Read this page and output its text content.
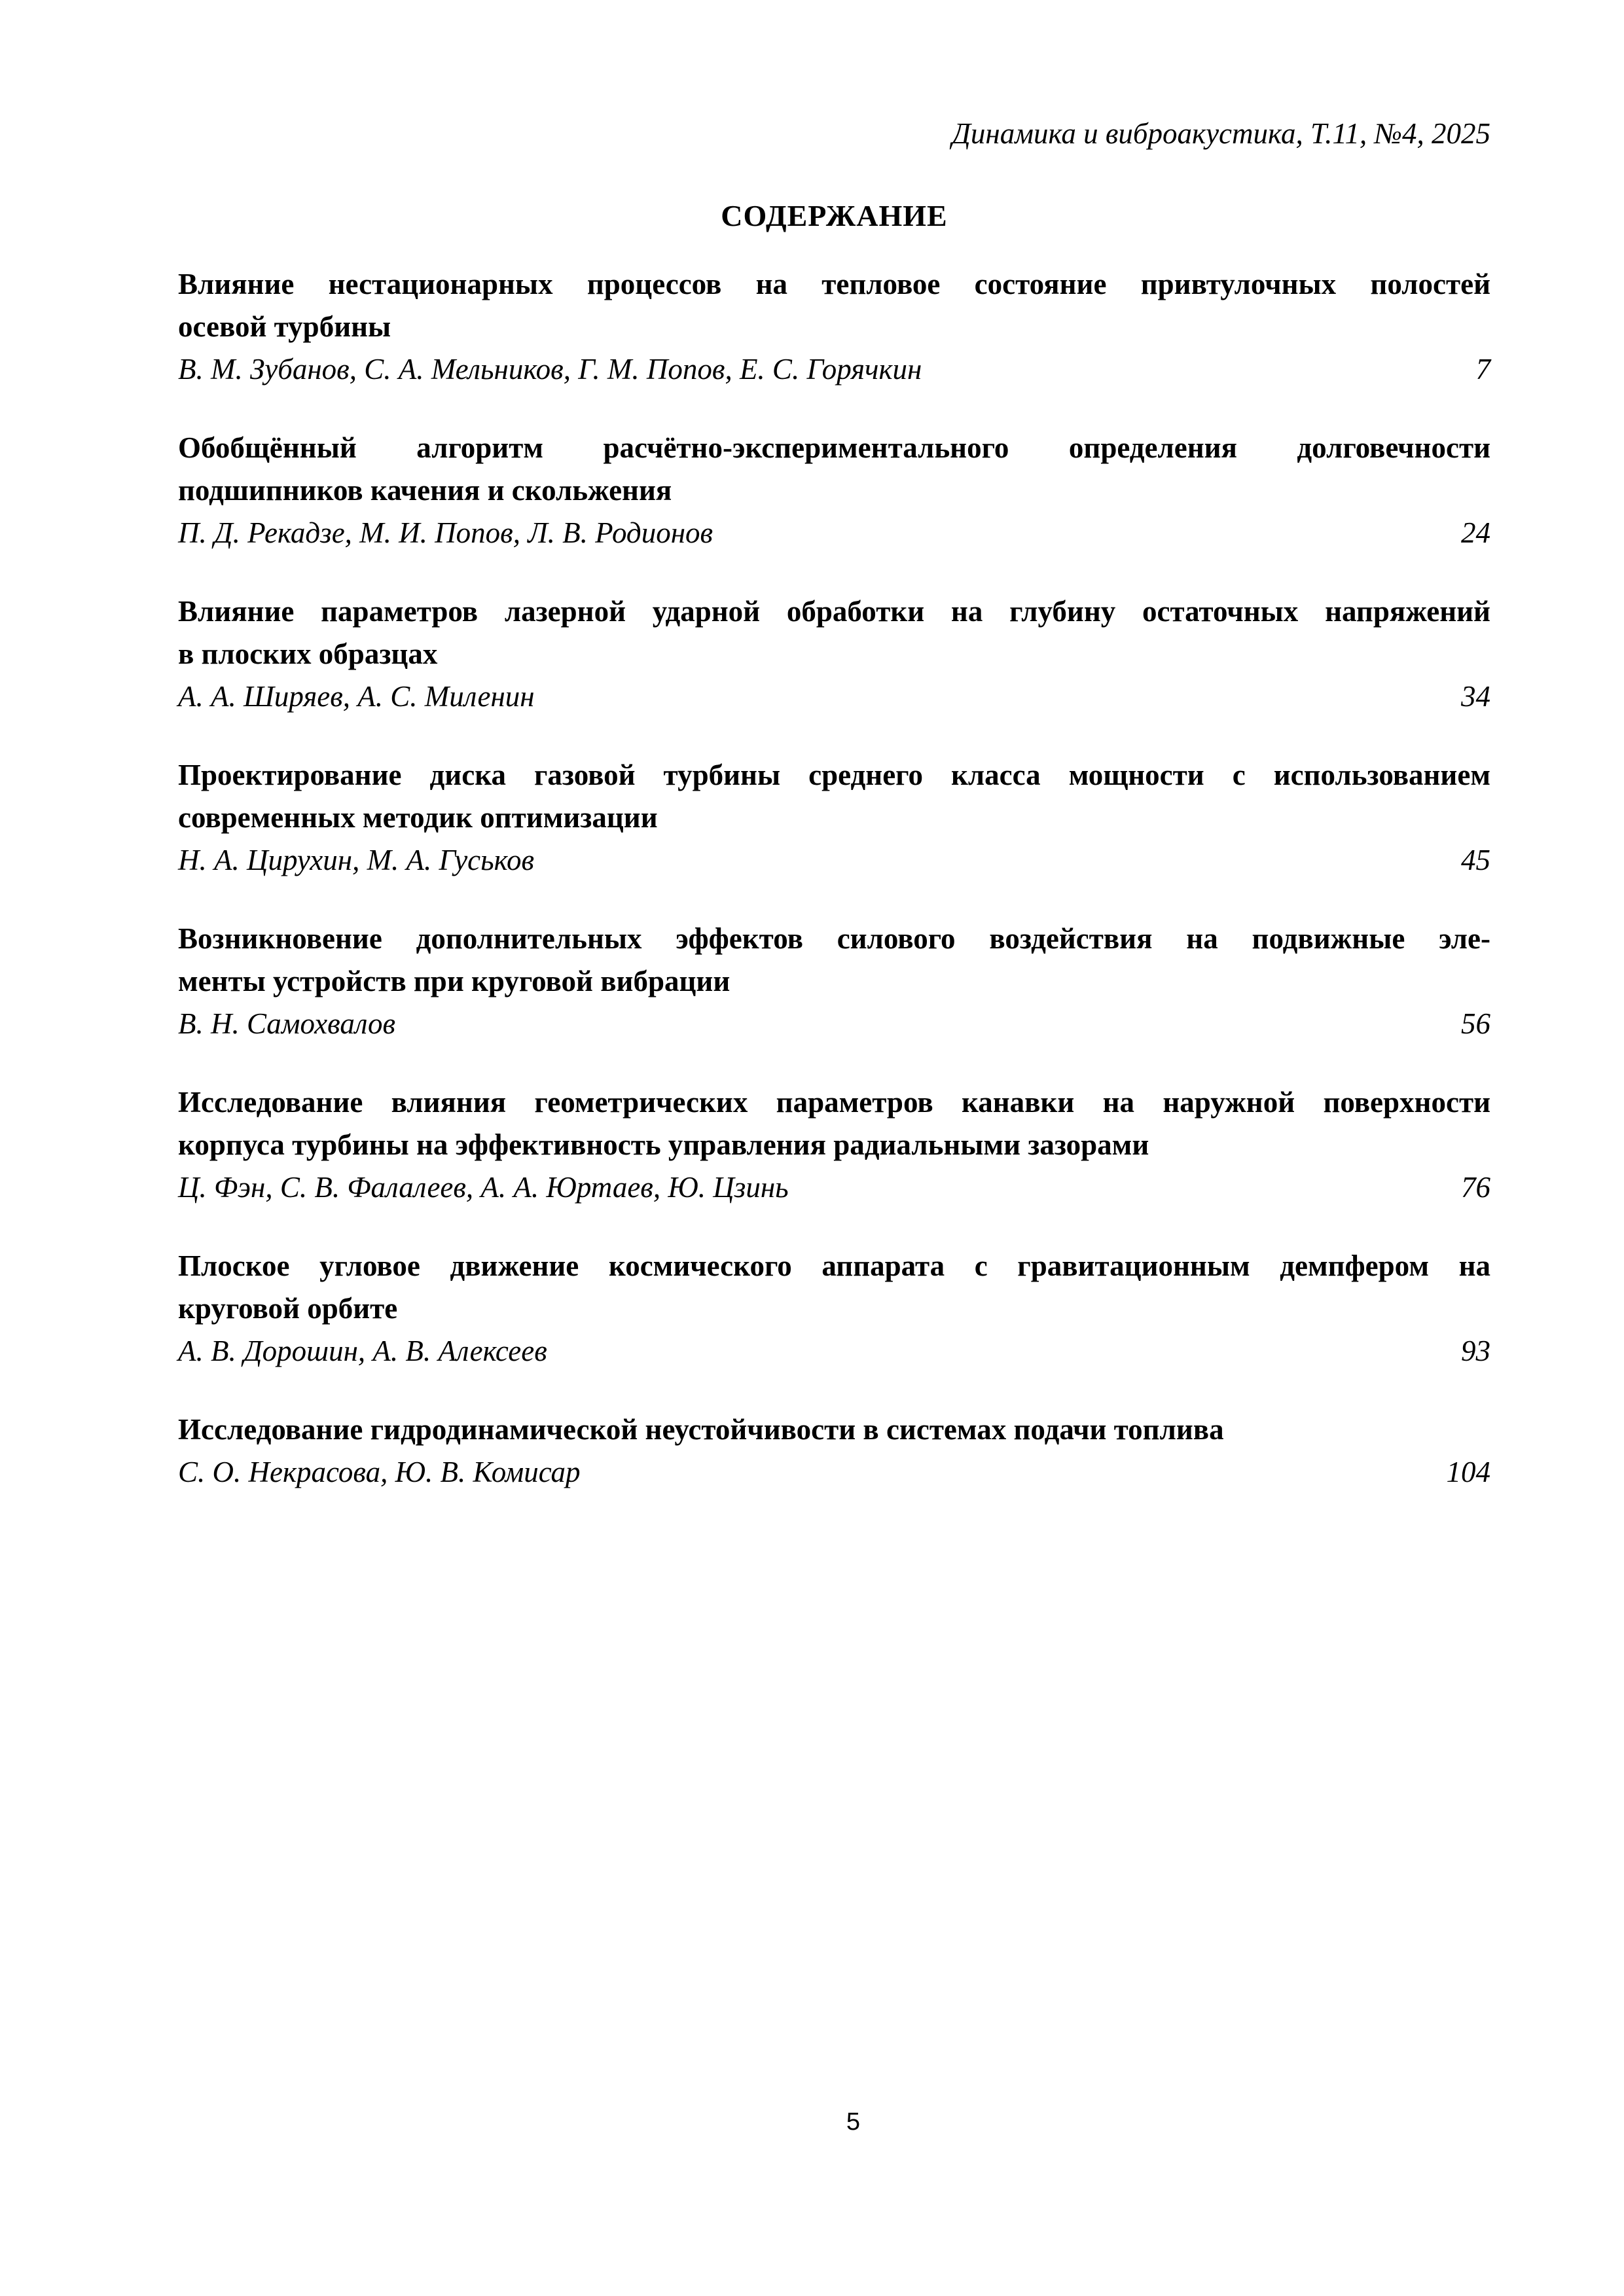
Динамика и виброакустика, Т.11, №4, 2025
СОДЕРЖАНИЕ
Влияние нестационарных процессов на тепловое состояние привтулочных полостей
осевой турбины
В. М. Зубанов, С. А. Мельников, Г. М. Попов, Е. С. Горячкин	7
Обобщённый алгоритм расчётно-экспериментального определения долговечности
подшипников качения и скольжения
П. Д. Рекадзе, М. И. Попов, Л. В. Родионов	24
Влияние параметров лазерной ударной обработки на глубину остаточных напряжений
в плоских образцах
А. А. Ширяев, А. С. Миленин	34
Проектирование диска газовой турбины среднего класса мощности с использованием
современных методик оптимизации
Н. А. Цирухин, М. А. Гуськов	45
Возникновение дополнительных эффектов силового воздействия на подвижные эле-
менты устройств при круговой вибрации
В. Н. Самохвалов	56
Исследование влияния геометрических параметров канавки на наружной поверхности
корпуса турбины на эффективность управления радиальными зазорами
Ц. Фэн, С. В. Фалалеев, А. А. Юртаев, Ю. Цзинь	76
Плоское угловое движение космического аппарата с гравитационным демпфером на
круговой орбите
А. В. Дорошин, А. В. Алексеев	93
Исследование гидродинамической неустойчивости в системах подачи топлива
С. О. Некрасова, Ю. В. Комисар	104
5
